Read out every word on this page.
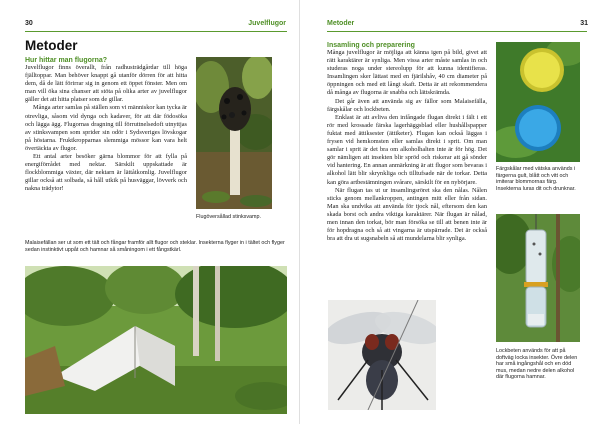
30	Juvelflugor
Metoder

Hur hittar man flugorna?

Juvelflugor finns överallt, från radhusträdgårdar till höga fjälltoppar. Man behöver knappt gå utanför dörren för att hitta dem, då de lätt förirrar sig in genom ett öppet fönster. Men om man vill öka sina chanser att stöta på olika arter av juvelflugor gäller det att hitta platser som de gillar.

Många arter samlas på ställen som vi människor kan tycka är otrevliga, såsom vid dynga och kadaver, för att där födosöka och lägga ägg. Flugornas dragning till förruttnelsedoft utnyttjas av stinksvampen som sprider sin odör i Sydsveriges lövskogar på höstarna. Fruktkropparnas slemmiga mössor kan vara helt övertäckta av flugor.

Ett antal arter besöker gärna blommor för att fylla på energiförrådet med nektar. Särskilt uppskattade är flockblommiga växter, där nektarn är lättåtkomlig. Juvelflugor gillar också att solbada, så håll utkik på husväggar, lövverk och nakna trädytor!

Flugöversållad stinksvamp.

Malaisefällan ser ut som ett tält och fångar framför allt flugor och steklar. Insekterna flyger in i tältet och flyger sedan instinktivt uppåt och hamnar så småningom i ett fångstkärl.

Metoder	31

Insamling och preparering

Många juvelflugor är möjliga att känna igen på bild, givet att rätt karaktärer är synliga. Men vissa arter måste samlas in och studeras noga under stereolupp för att kunna identifieras. Insamlingen sker lättast med en fjärilshåv, 40 cm diameter på öppningen och med ett långt skaft. Detta är att rekommendera då många av flugorna är snabba och lättskrämda.

Det går även att använda sig av fällor som Malaisefälla, färgskålar och lockbeten.

Enklast är att avliva den infångade flugan direkt i fält i ett rör med krossade färska lagerhäggsblad eller hushållspapper fuktat med ättiksester (ättiketer). Flugan kan också läggas i frysen vid hemkomsten eller samlas direkt i sprit. Om man samlar i sprit är det bra om alkoholhalten inte är för hög. Det gör nämligen att insekten blir spröd och riskerar att gå sönder vid hantering. En annan anmärkning är att flugor som bevaras i alkohol lätt blir skrynkliga och tilltufsade när de torkar. Detta kan göra artbestämningen svårare, särskilt för en nybörjare.

När flugan tas ut ur insamlingsröret ska den nålas. Nålen sticks genom mellankroppen, antingen mitt eller från sidan. Man ska undvika att använda för tjock nål, eftersom den kan skada borst och andra viktiga karaktärer. När flugan är nålad, men innan den torkat, bör man försöka se till att benen inte är för hopdragna och så att vingarna är utspärrade. Det är också bra att dra ut sugsnabeln så att mundelarna blir synliga.

Färgskålar med vätska används i färgerna gult, blått och vitt och imiterar blommornas färg. Insekterna luras dit och drunknar.

Lockbeten används för att på doftväg locka insekter. Övre delen har små ingångshål och en död mus, medan nedre delen alkohol där flugorna hamnar.
